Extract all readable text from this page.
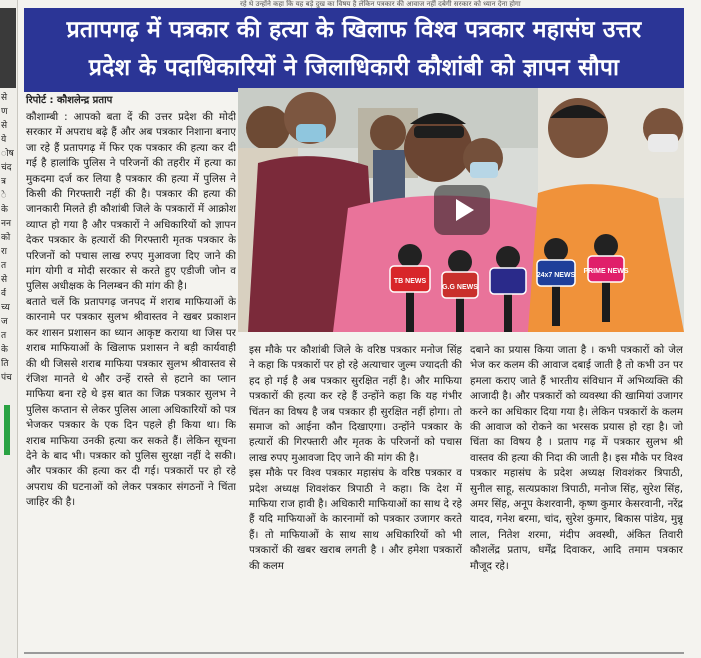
से
ण
से
ये
ोष
चंद
त्र
े
के
नन
को
रा
त
से
र्व
च्य
ज
त
के
ति
पंच
रहे थे उन्होंने कहा कि यह बड़े दुख का विषय है लेकिन पत्रकार की आवाज नहीं दबेगी सरकार को ध्यान देना होगा
प्रतापगढ़ में पत्रकार की हत्या के खिलाफ विश्व पत्रकार महासंघ उत्तर
प्रदेश के पदाधिकारियों ने जिलाधिकारी कौशांबी को ज्ञापन सौपा
रिपोर्ट : कौशलेन्द्र प्रताप

कौशाम्बी : आपको बता दें की उत्तर प्रदेश की मोदी सरकार में अपराध बढ़े हैं और अब पत्रकार निशाना बनाए जा रहे हैं प्रतापगढ़ में फिर एक पत्रकार की हत्या कर दी गई है हालांकि पुलिस ने परिजनों की तहरीर में हत्या का मुकदमा दर्ज कर लिया है पत्रकार की हत्या में पुलिस ने किसी की गिरफ्तारी नहीं की है। पत्रकार की हत्या की जानकारी मिलते ही कौशांबी जिले के पत्रकारों में आक्रोश व्याप्त हो गया है और पत्रकारों ने अधिकारियों को ज्ञापन देकर पत्रकार के हत्यारों की गिरफ्तारी मृतक पत्रकार के परिजनों को पचास लाख रुपए मुआवजा दिए जाने की मांग योगी व मोदी सरकार से करते हुए एडीजी जोन व पुलिस अधीक्षक के निलम्बन की मांग की है।

बताते चलें कि प्रतापगढ़ जनपद में शराब माफियाओं के कारनामे पर पत्रकार सुलभ श्रीवास्तव ने खबर प्रकाशन कर शासन प्रशासन का ध्यान आकृष्ट कराया था जिस पर शराब माफियाओं के खिलाफ प्रशासन ने बड़ी कार्यवाही की थी जिससे शराब माफिया पत्रकार सुलभ श्रीवास्तव से रंजिश मानते थे और उन्हें रास्ते से हटाने का प्लान माफिया बना रहे थे इस बात का जिक्र पत्रकार सुलभ ने पुलिस कप्तान से लेकर पुलिस आला अधिकारियों को पत्र भेजकर पत्रकार के एक दिन पहले ही किया था। कि शराब माफिया उनकी हत्या कर सकते हैं। लेकिन सूचना देने के बाद भी। पत्रकार को पुलिस सुरक्षा नहीं दे सकी। और पत्रकार की हत्या कर दी गई। पत्रकारों पर हो रहे अपराध की घटनाओं को लेकर पत्रकार संगठनों ने चिंता जाहिर की है।

TB NEWS
G.G NEWS
24x7 NEWS
PRIME NEWS

इस मौके पर कौशांबी जिले के वरिष्ठ पत्रकार मनोज सिंह ने कहा कि पत्रकारों पर हो रहे अत्याचार जुल्म ज्यादती की हद हो गई है अब पत्रकार सुरक्षित नहीं है। और माफिया पत्रकारों की हत्या कर रहे हैं उन्होंने कहा कि यह गंभीर चिंतन का विषय है जब पत्रकार ही सुरक्षित नहीं होगा। तो समाज को आईना कौन दिखाएगा। उन्होंने पत्रकार के हत्यारों की गिरफ्तारी और मृतक के परिजनों को पचास लाख रुपए मुआवजा दिए जाने की मांग की है।

इस मौके पर विश्व पत्रकार महासंघ के वरिष्ठ पत्रकार व प्रदेश अध्यक्ष शिवशंकर त्रिपाठी ने कहा। कि देश में माफिया राज हावी है। अधिकारी माफियाओं का साथ दे रहे हैं यदि माफियाओं के कारनामों को पत्रकार उजागर करते हैं। तो माफियाओं के साथ साथ अधिकारियों को भी पत्रकारों की खबर खराब लगती है । और हमेशा पत्रकारों की कलम

दबाने का प्रयास किया जाता है । कभी पत्रकारों को जेल भेज कर कलम की आवाज दबाई जाती है तो कभी उन पर हमला कराए जाते हैं भारतीय संविधान में अभिव्यक्ति की आजादी है। और पत्रकारों को व्यवस्था की खामियां उजागर करने का अधिकार दिया गया है। लेकिन पत्रकारों के कलम की आवाज को रोकने का भरसक प्रयास हो रहा है। जो चिंता का विषय है । प्रताप गढ़ में पत्रकार सुलभ श्री वास्तव की हत्या की निदा की जाती है। इस मौके पर विश्व पत्रकार महासंघ के प्रदेश अध्यक्ष शिवशंकर त्रिपाठी, सुनील साहू, सत्यप्रकाश त्रिपाठी, मनोज सिंह, सुरेश सिंह, अमर सिंह, अनूप केशरवानी, कृष्ण कुमार केसरवानी, नरेंद्र यादव, गनेश बरमा, चांद, सुरेश कुमार, बिकास पांडेय, मुन्नू लाल, नितेश शरमा, मंदीप अवस्थी, अंकित तिवारी कौशलेंद्र प्रताप, धर्मेंद्र दिवाकर, आदि तमाम पत्रकार मौजूद रहे।
